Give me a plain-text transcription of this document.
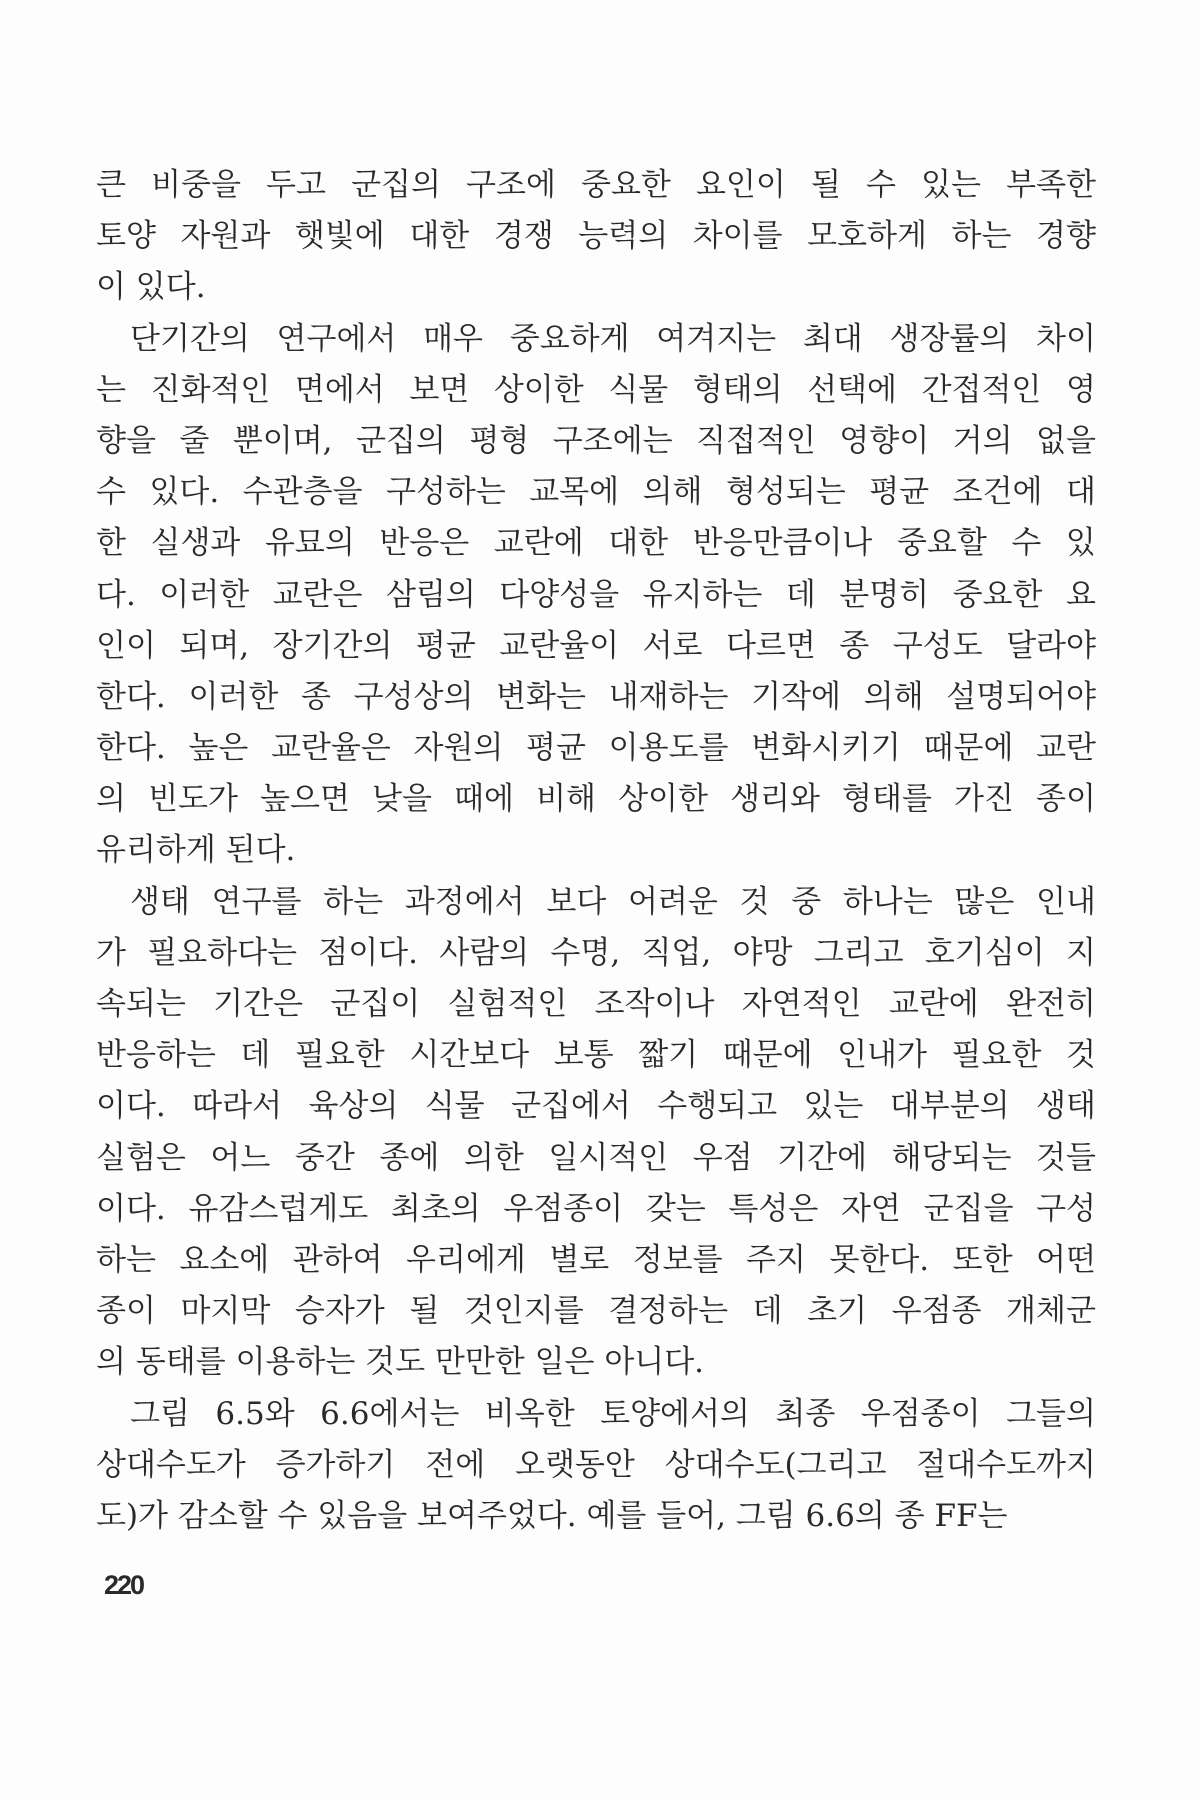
큰 비중을 두고 군집의 구조에 중요한 요인이 될 수 있는 부족한
토양 자원과 햇빛에 대한 경쟁 능력의 차이를 모호하게 하는 경향
이 있다.
단기간의 연구에서 매우 중요하게 여겨지는 최대 생장률의 차이
는 진화적인 면에서 보면 상이한 식물 형태의 선택에 간접적인 영
향을 줄 뿐이며, 군집의 평형 구조에는 직접적인 영향이 거의 없을
수 있다. 수관층을 구성하는 교목에 의해 형성되는 평균 조건에 대
한 실생과 유묘의 반응은 교란에 대한 반응만큼이나 중요할 수 있
다. 이러한 교란은 삼림의 다양성을 유지하는 데 분명히 중요한 요
인이 되며, 장기간의 평균 교란율이 서로 다르면 종 구성도 달라야
한다. 이러한 종 구성상의 변화는 내재하는 기작에 의해 설명되어야
한다. 높은 교란율은 자원의 평균 이용도를 변화시키기 때문에 교란
의 빈도가 높으면 낮을 때에 비해 상이한 생리와 형태를 가진 종이
유리하게 된다.
생태 연구를 하는 과정에서 보다 어려운 것 중 하나는 많은 인내
가 필요하다는 점이다. 사람의 수명, 직업, 야망 그리고 호기심이 지
속되는 기간은 군집이 실험적인 조작이나 자연적인 교란에 완전히
반응하는 데 필요한 시간보다 보통 짧기 때문에 인내가 필요한 것
이다. 따라서 육상의 식물 군집에서 수행되고 있는 대부분의 생태
실험은 어느 중간 종에 의한 일시적인 우점 기간에 해당되는 것들
이다. 유감스럽게도 최초의 우점종이 갖는 특성은 자연 군집을 구성
하는 요소에 관하여 우리에게 별로 정보를 주지 못한다. 또한 어떤
종이 마지막 승자가 될 것인지를 결정하는 데 초기 우점종 개체군
의 동태를 이용하는 것도 만만한 일은 아니다.
그림 6.5와 6.6에서는 비옥한 토양에서의 최종 우점종이 그들의
상대수도가 증가하기 전에 오랫동안 상대수도(그리고 절대수도까지
도)가 감소할 수 있음을 보여주었다. 예를 들어, 그림 6.6의 종 FF는
220
